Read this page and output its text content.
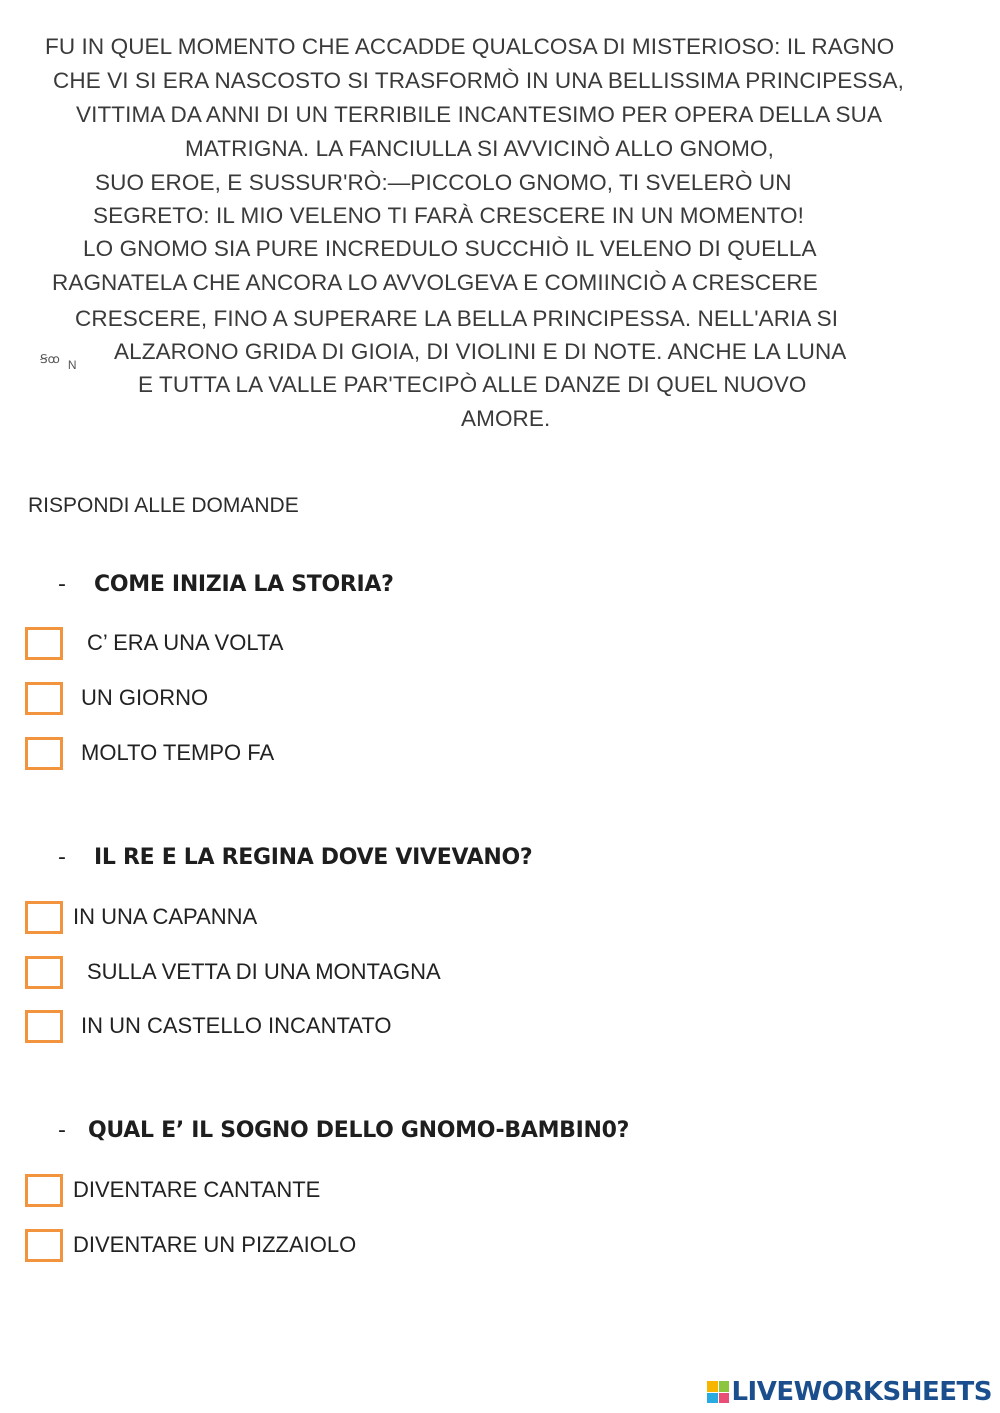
FU IN QUEL MOMENTO CHE ACCADDE QUALCOSA DI MISTERIOSO: IL RAGNO
CHE VI SI ERA NASCOSTO SI TRASFORMÒ IN UNA BELLISSIMA PRINCIPESSA,
VITTIMA DA ANNI DI UN TERRIBILE INCANTESIMO PER OPERA DELLA SUA
MATRIGNA. LA FANCIULLA SI AVVICINÒ ALLO GNOMO,
SUO EROE, E SUSSUR'RÒ:—PICCOLO GNOMO, TI SVELERÒ UN
SEGRETO: IL MIO VELENO TI FARÀ CRESCERE IN UN MOMENTO!
LO GNOMO SIA PURE INCREDULO SUCCHIÒ IL VELENO DI QUELLA
RAGNATELA CHE ANCORA LO AVVOLGEVA E COMIINCIÒ A CRESCERE
CRESCERE, FINO A SUPERARE LA BELLA PRINCIPESSA. NELL'ARIA SI
ALZARONO GRIDA DI GIOIA, DI VIOLINI E DI NOTE. ANCHE LA LUNA
E TUTTA LA VALLE PAR'TECIPÒ ALLE DANZE DI QUEL NUOVO
AMORE.
Ꞩꝏ N
RISPONDI ALLE DOMANDE
- COME INIZIA LA STORIA?
C’ ERA UNA VOLTA
UN GIORNO
MOLTO TEMPO FA
- IL RE E LA REGINA DOVE VIVEVANO?
IN UNA CAPANNA
SULLA VETTA DI UNA MONTAGNA
IN UN CASTELLO INCANTATO
- QUAL E’ IL SOGNO DELLO GNOMO-BAMBIN0?
DIVENTARE CANTANTE
DIVENTARE UN PIZZAIOLO
LIVEWORKSHEETS
